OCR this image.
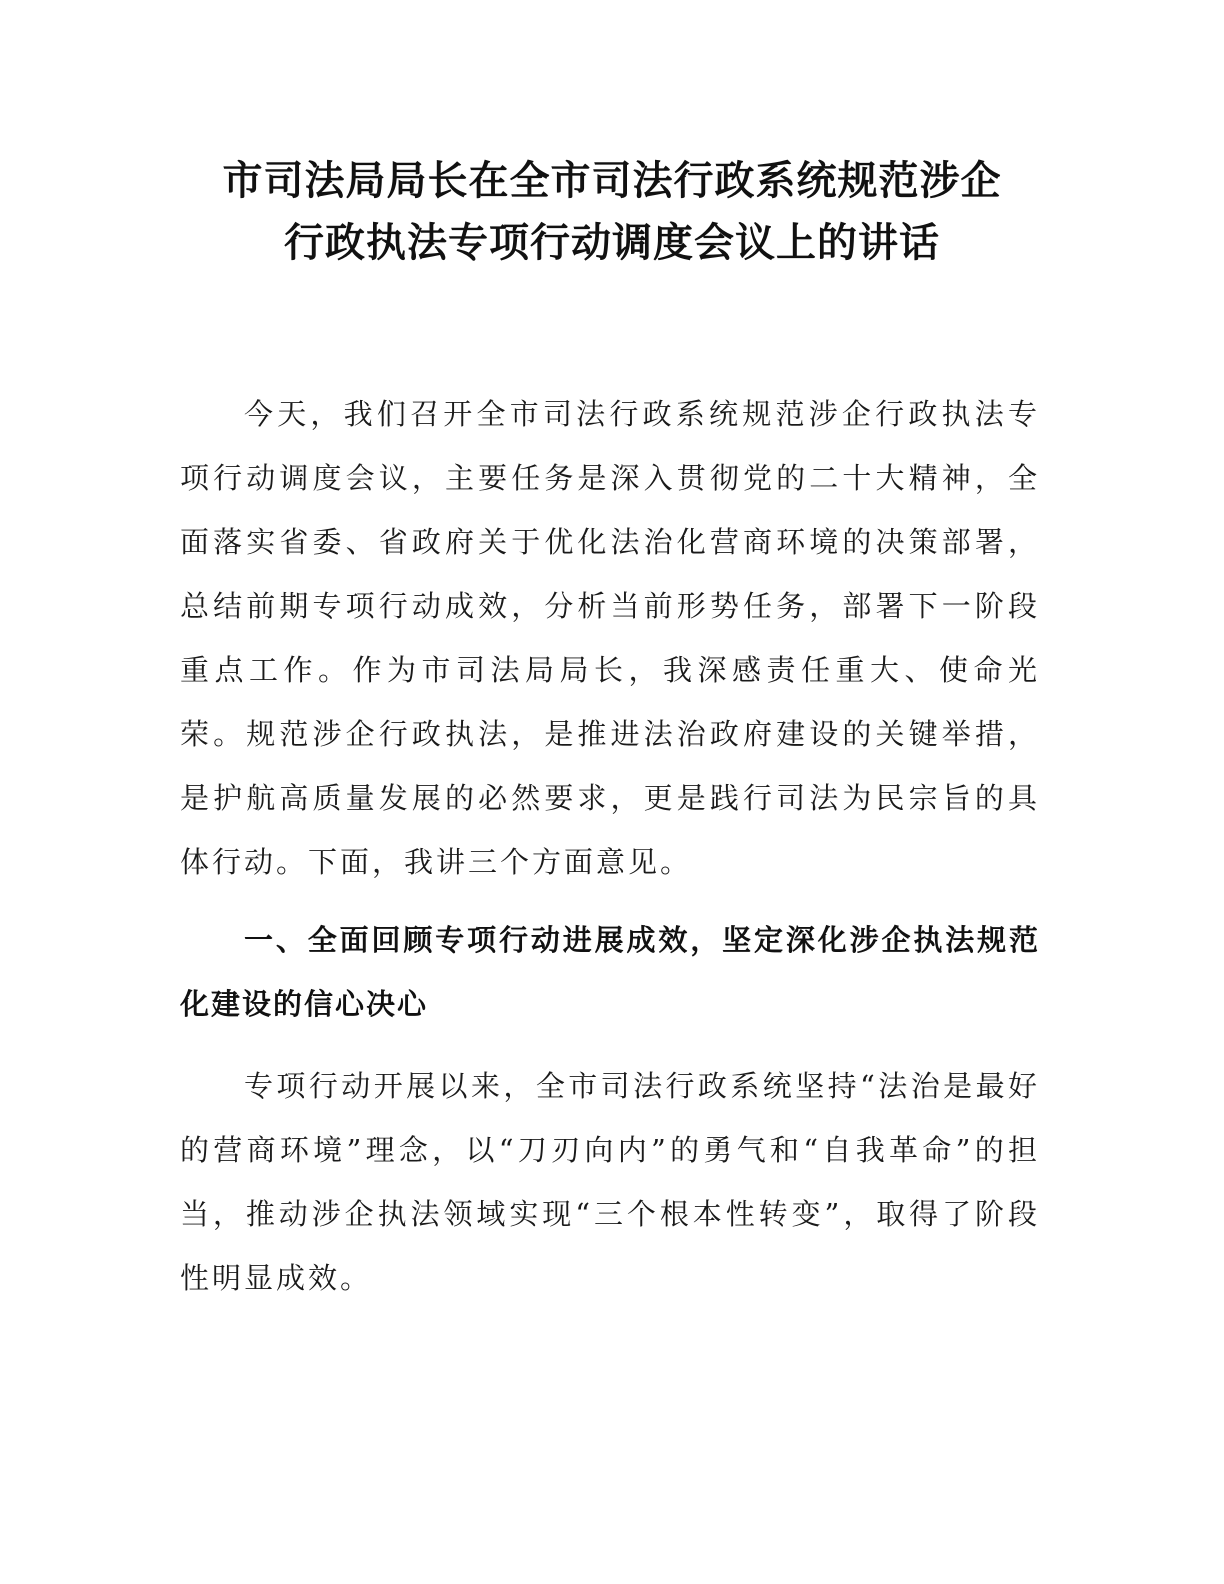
市司法局局长在全市司法行政系统规范涉企
行政执法专项行动调度会议上的讲话

今天，我们召开全市司法行政系统规范涉企行政执法专项行动调度会议，主要任务是深入贯彻党的二十大精神，全面落实省委、省政府关于优化法治化营商环境的决策部署，总结前期专项行动成效，分析当前形势任务，部署下一阶段重点工作。作为市司法局局长，我深感责任重大、使命光荣。规范涉企行政执法，是推进法治政府建设的关键举措，是护航高质量发展的必然要求，更是践行司法为民宗旨的具体行动。下面，我讲三个方面意见。

一、全面回顾专项行动进展成效，坚定深化涉企执法规范化建设的信心决心

专项行动开展以来，全市司法行政系统坚持“法治是最好的营商环境”理念，以“刀刃向内”的勇气和“自我革命”的担当，推动涉企执法领域实现“三个根本性转变”，取得了阶段性明显成效。
